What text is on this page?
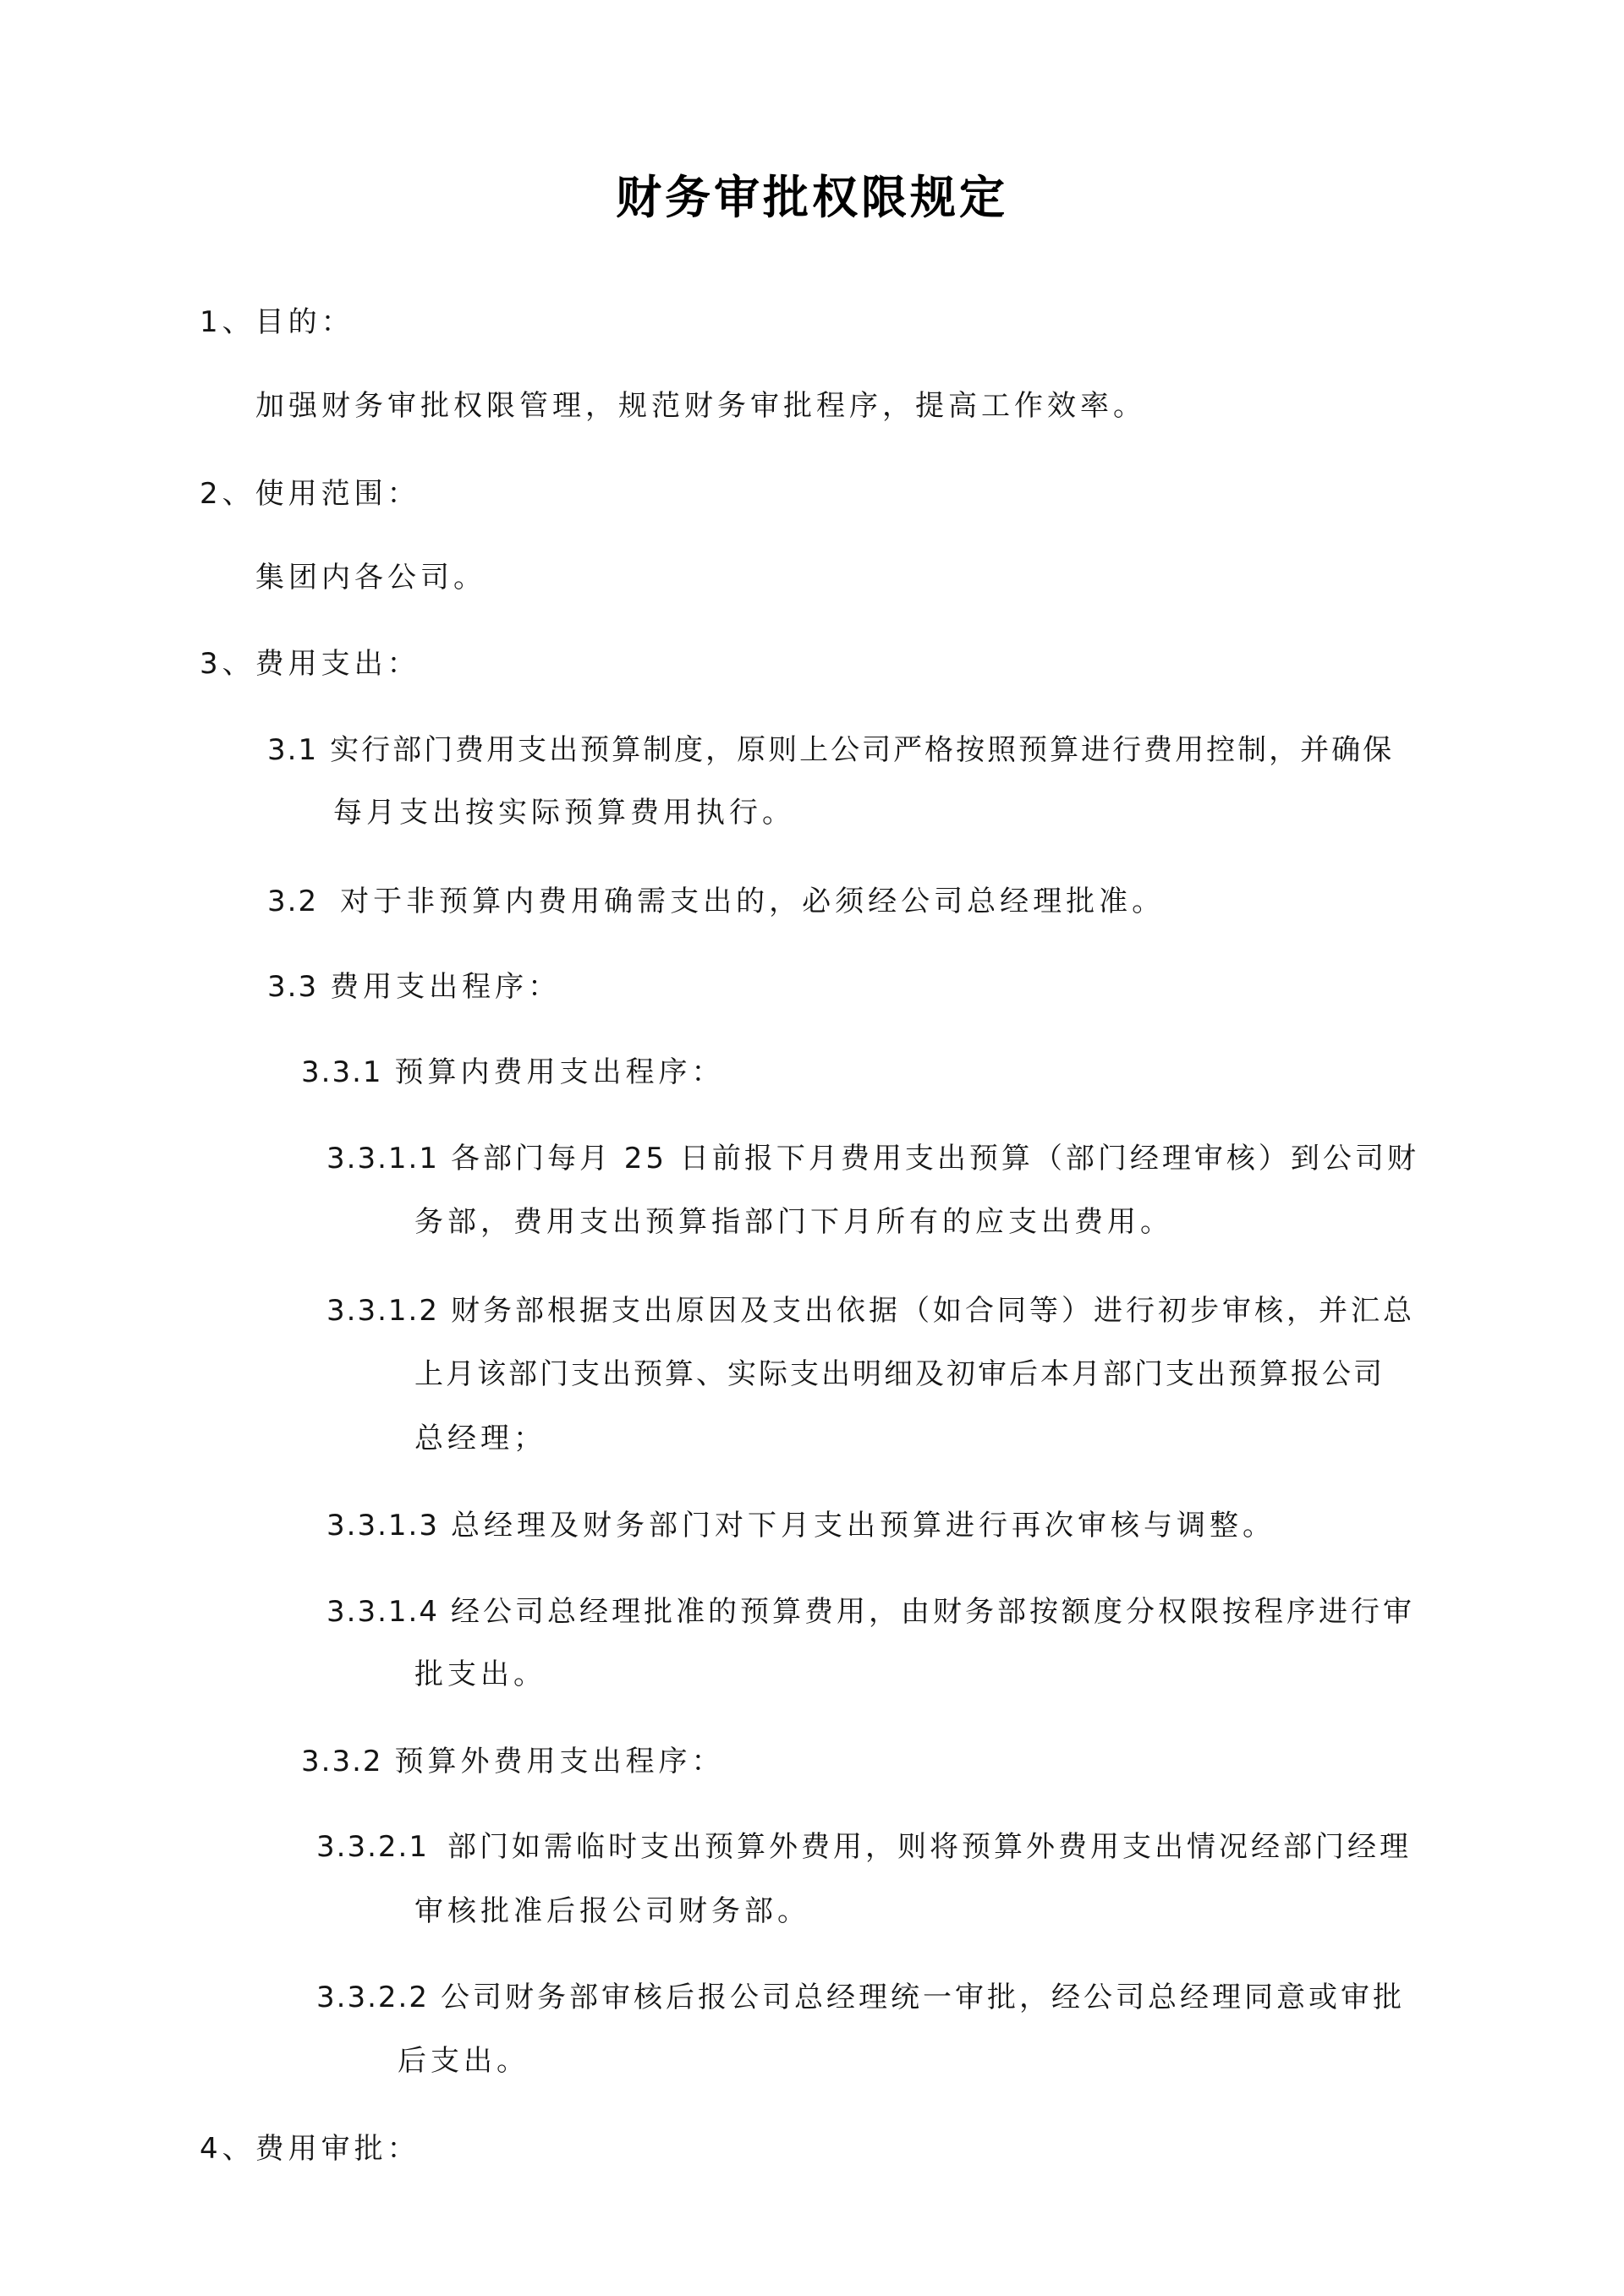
财务审批权限规定
1、目的：
加强财务审批权限管理，规范财务审批程序，提高工作效率。
2、使用范围：
集团内各公司。
3、费用支出：
3.1 实行部门费用支出预算制度，原则上公司严格按照预算进行费用控制，并确保
每月支出按实际预算费用执行。
3.2 对于非预算内费用确需支出的，必须经公司总经理批准。
3.3 费用支出程序：
3.3.1 预算内费用支出程序：
3.3.1.1 各部门每月 25 日前报下月费用支出预算（部门经理审核）到公司财
务部，费用支出预算指部门下月所有的应支出费用。
3.3.1.2 财务部根据支出原因及支出依据（如合同等）进行初步审核，并汇总
上月该部门支出预算、实际支出明细及初审后本月部门支出预算报公司
总经理；
3.3.1.3 总经理及财务部门对下月支出预算进行再次审核与调整。
3.3.1.4 经公司总经理批准的预算费用，由财务部按额度分权限按程序进行审
批支出。
3.3.2 预算外费用支出程序：
3.3.2.1 部门如需临时支出预算外费用，则将预算外费用支出情况经部门经理
审核批准后报公司财务部。
3.3.2.2 公司财务部审核后报公司总经理统一审批，经公司总经理同意或审批
后支出。
4、费用审批：
